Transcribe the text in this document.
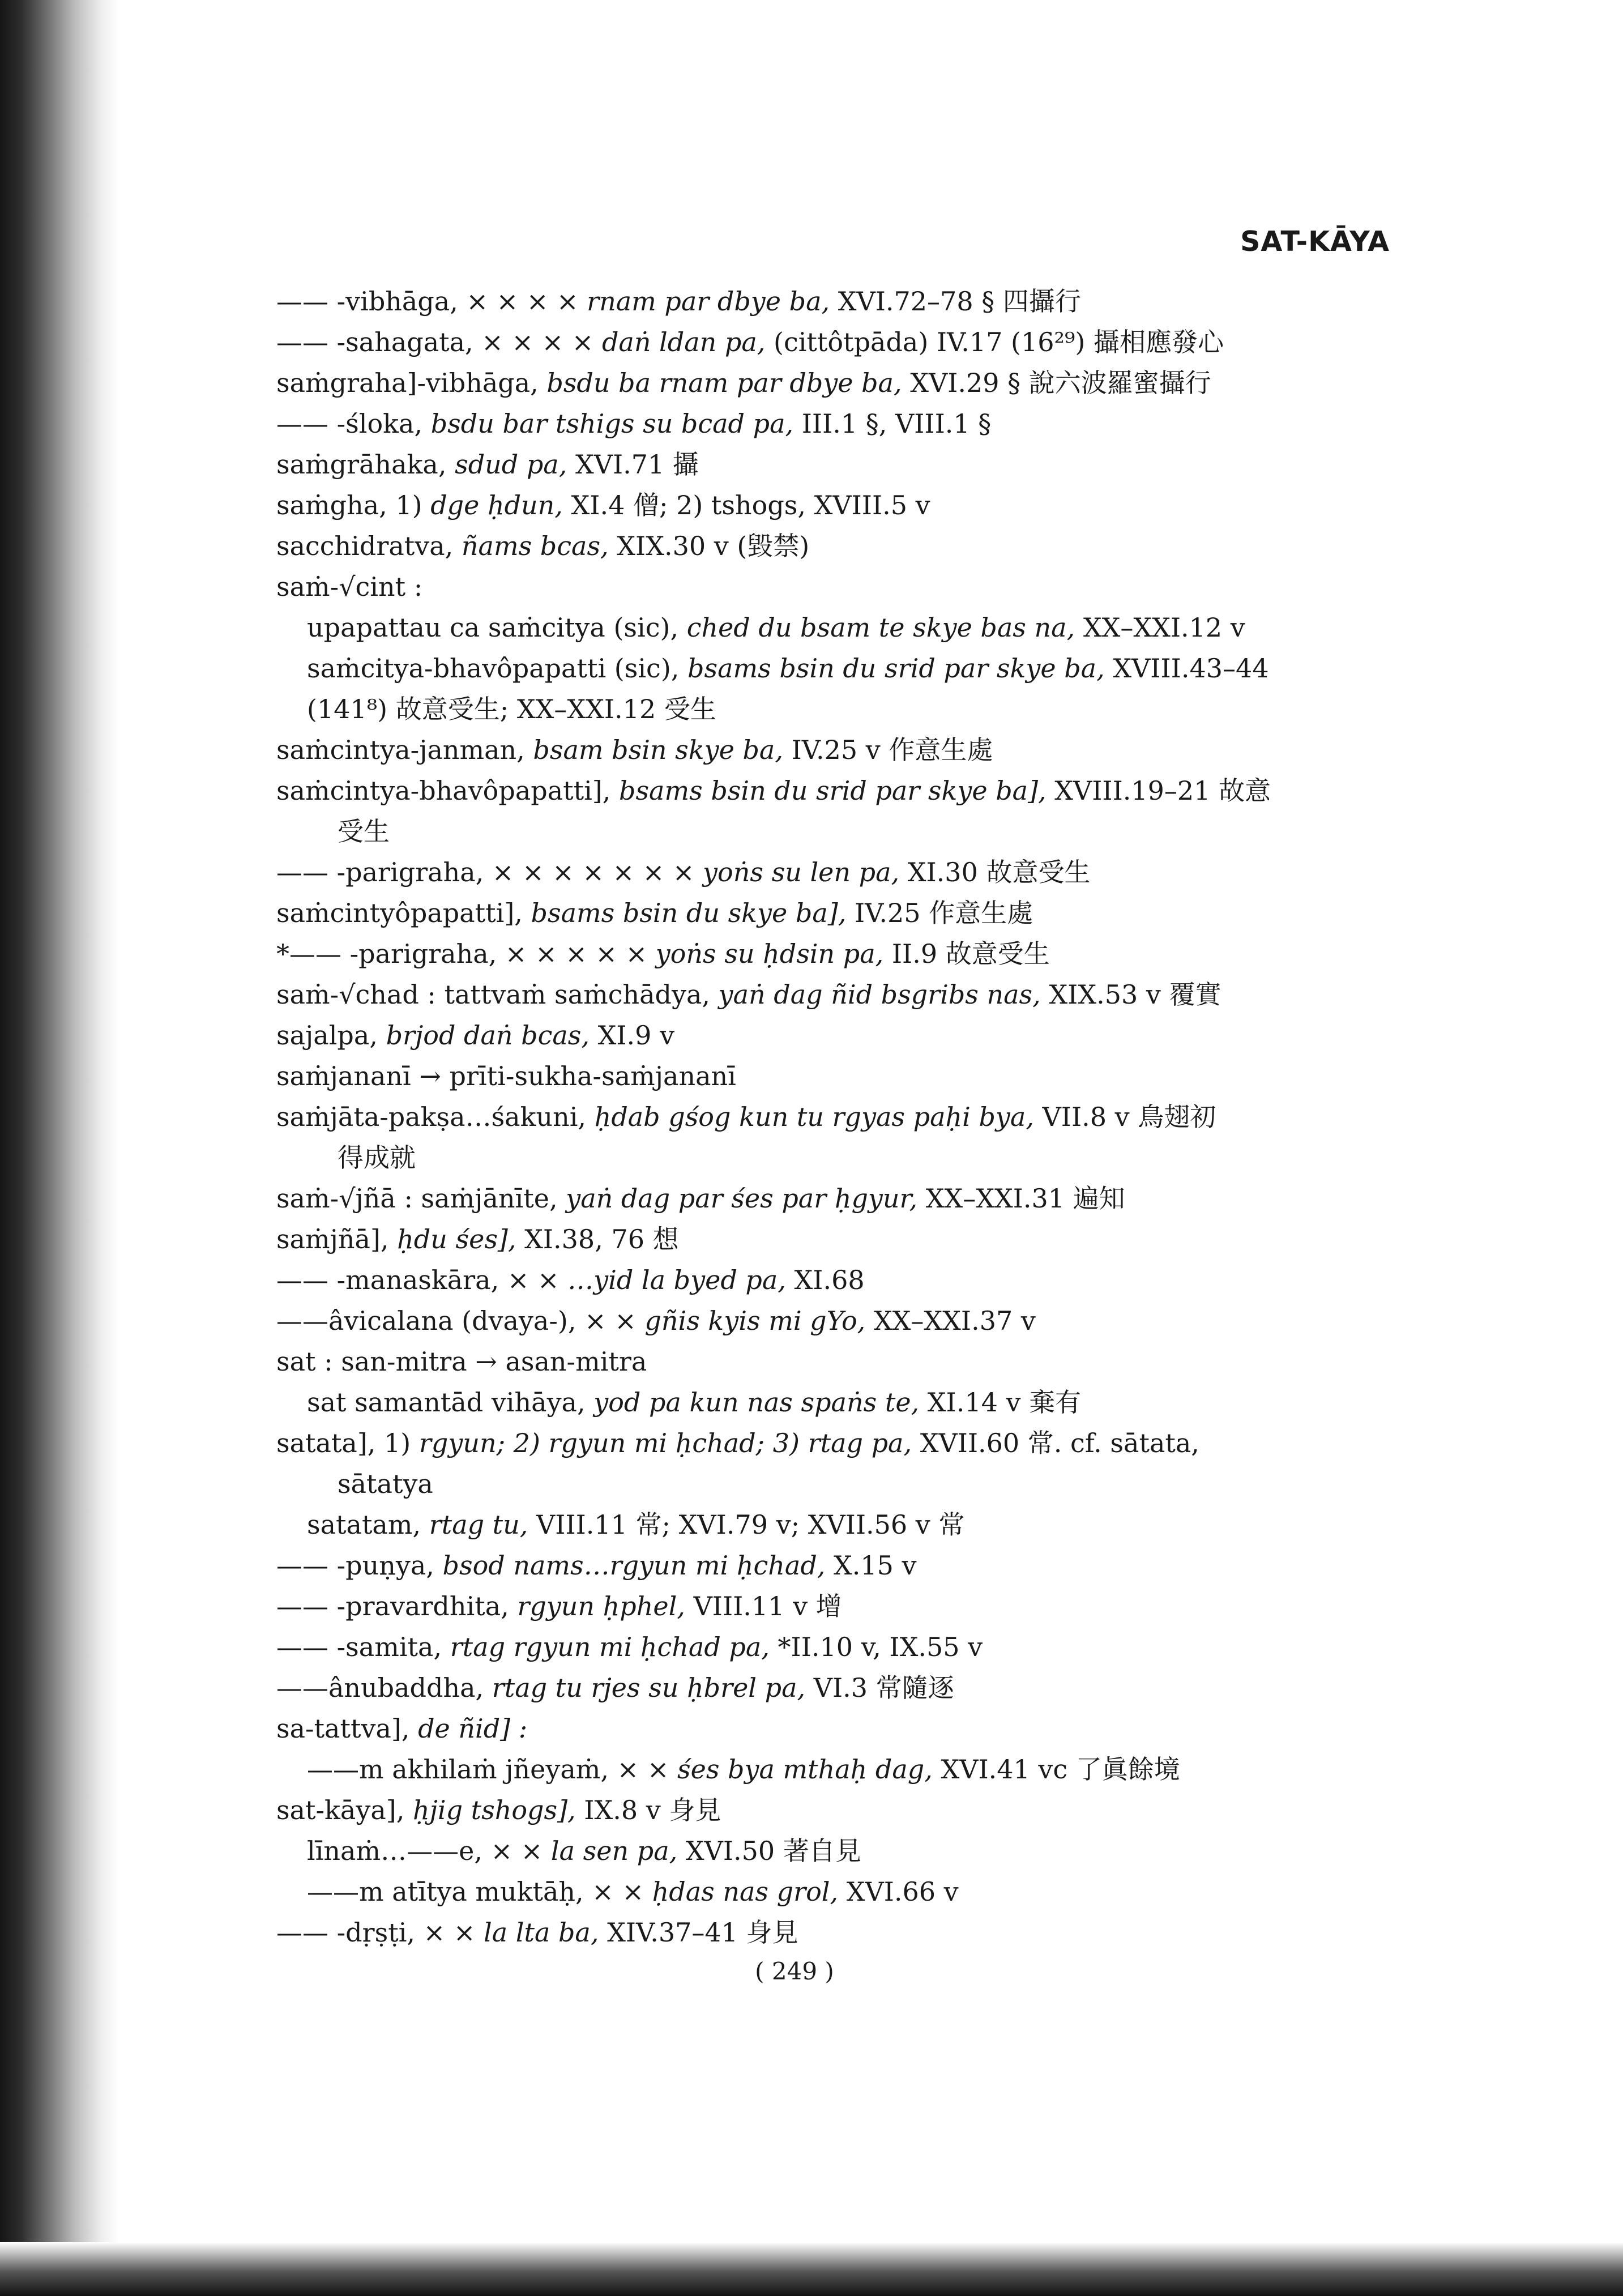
SAT-KĀYA
—— -vibhāga, × × × × rnam par dbye ba, XVI.72–78 § 四攝行
—— -sahagata, × × × × daṅ ldan pa, (cittôtpāda) IV.17 (16²⁹) 攝相應發心
saṁgraha]-vibhāga, bsdu ba rnam par dbye ba, XVI.29 § 說六波羅蜜攝行
—— -śloka, bsdu bar tshigs su bcad pa, III.1 §, VIII.1 §
saṁgrāhaka, sdud pa, XVI.71 攝
saṁgha, 1) dge ḥdun, XI.4 僧; 2) tshogs, XVIII.5 v
sacchidratva, ñams bcas, XIX.30 v (毀禁)
saṁ-√cint :
upapattau ca saṁcitya (sic), ched du bsam te skye bas na, XX–XXI.12 v
saṁcitya-bhavôpapatti (sic), bsams bsin du srid par skye ba, XVIII.43–44
(141⁸) 故意受生; XX–XXI.12 受生
saṁcintya-janman, bsam bsin skye ba, IV.25 v 作意生處
saṁcintya-bhavôpapatti], bsams bsin du srid par skye ba], XVIII.19–21 故意
受生
—— -parigraha, × × × × × × × yoṅs su len pa, XI.30 故意受生
saṁcintyôpapatti], bsams bsin du skye ba], IV.25 作意生處
*—— -parigraha, × × × × × yoṅs su ḥdsin pa, II.9 故意受生
saṁ-√chad : tattvaṁ saṁchādya, yaṅ dag ñid bsgribs nas, XIX.53 v 覆實
sajalpa, brjod daṅ bcas, XI.9 v
saṁjananī → prīti-sukha-saṁjananī
saṁjāta-pakṣa…śakuni, ḥdab gśog kun tu rgyas paḥi bya, VII.8 v 鳥翅初
得成就
saṁ-√jñā : saṁjānīte, yaṅ dag par śes par ḥgyur, XX–XXI.31 遍知
saṁjñā], ḥdu śes], XI.38, 76 想
—— -manaskāra, × × …yid la byed pa, XI.68
——âvicalana (dvaya-), × × gñis kyis mi gYo, XX–XXI.37 v
sat : san-mitra → asan-mitra
sat samantād vihāya, yod pa kun nas spaṅs te, XI.14 v 棄有
satata], 1) rgyun; 2) rgyun mi ḥchad; 3) rtag pa, XVII.60 常. cf. sātata,
sātatya
satatam, rtag tu, VIII.11 常; XVI.79 v; XVII.56 v 常
—— -puṇya, bsod nams…rgyun mi ḥchad, X.15 v
—— -pravardhita, rgyun ḥphel, VIII.11 v 增
—— -samita, rtag rgyun mi ḥchad pa, *II.10 v, IX.55 v
——ânubaddha, rtag tu rjes su ḥbrel pa, VI.3 常隨逐
sa-tattva], de ñid] :
——m akhilaṁ jñeyaṁ, × × śes bya mthaḥ dag, XVI.41 vc 了眞餘境
sat-kāya], ḥjig tshogs], IX.8 v 身見
līnaṁ…——e, × × la sen pa, XVI.50 著自見
——m atītya muktāḥ, × × ḥdas nas grol, XVI.66 v
—— -dṛṣṭi, × × la lta ba, XIV.37–41 身見
( 249 )
